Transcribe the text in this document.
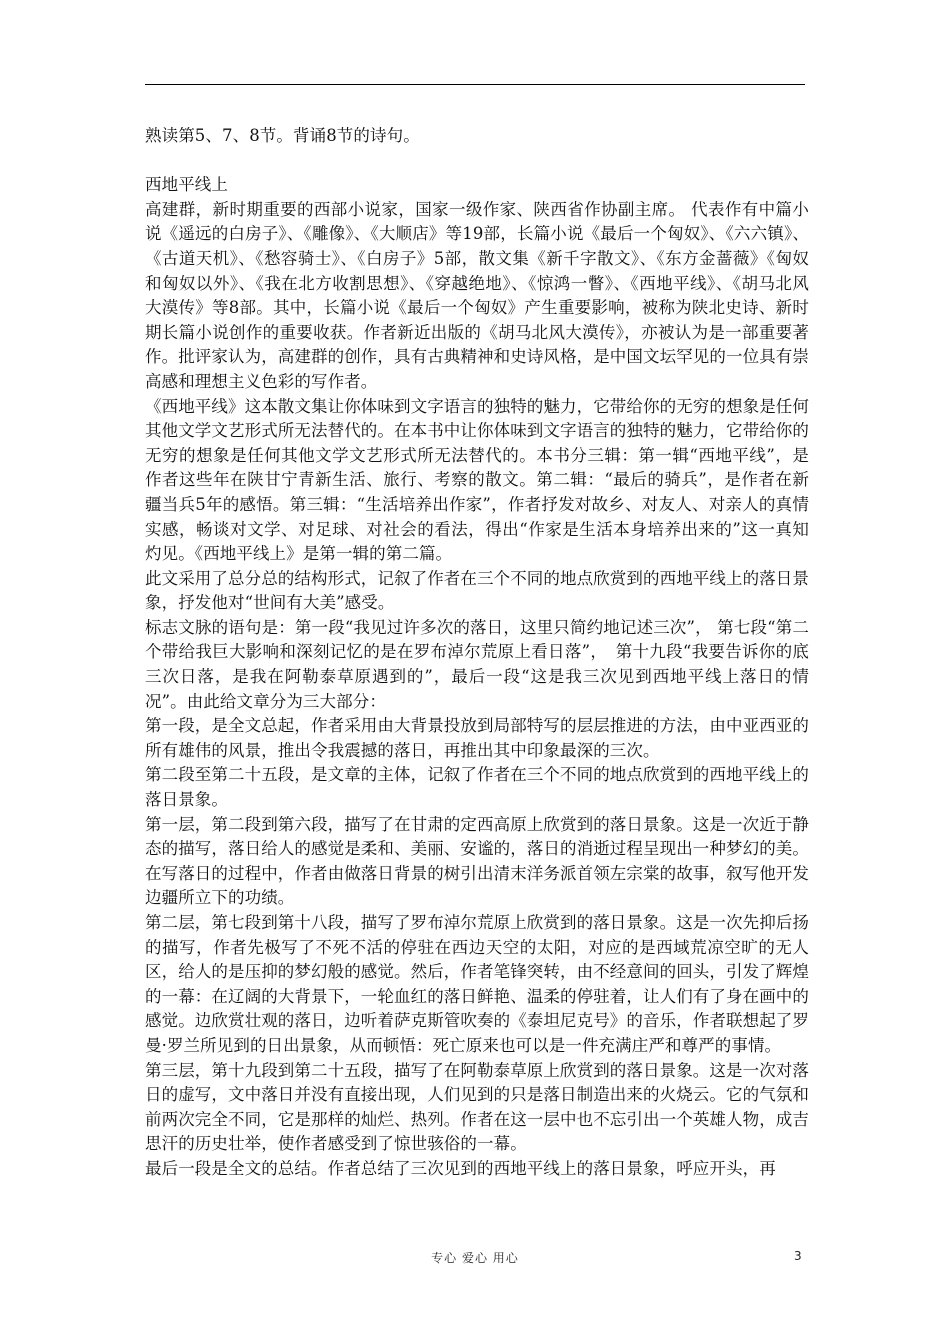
熟读第5、7、8节。背诵8节的诗句。

西地平线上

高建群，新时期重要的西部小说家，国家一级作家、陕西省作协副主席。 代表作有中篇小说《遥远的白房子》、《雕像》、《大顺店》等19部，长篇小说《最后一个匈奴》、《六六镇》、《古道天机》、《愁容骑士》、《白房子》5部，散文集《新千字散文》、《东方金蔷薇》《匈奴和匈奴以外》、《我在北方收割思想》、《穿越绝地》、《惊鸿一瞥》、《西地平线》、《胡马北风大漠传》等8部。其中，长篇小说《最后一个匈奴》产生重要影响，被称为陕北史诗、新时期长篇小说创作的重要收获。作者新近出版的《胡马北风大漠传》，亦被认为是一部重要著作。批评家认为，高建群的创作，具有古典精神和史诗风格，是中国文坛罕见的一位具有崇高感和理想主义色彩的写作者。

《西地平线》这本散文集让你体味到文字语言的独特的魅力，它带给你的无穷的想象是任何其他文学文艺形式所无法替代的。在本书中让你体味到文字语言的独特的魅力，它带给你的无穷的想象是任何其他文学文艺形式所无法替代的。本书分三辑：第一辑“西地平线”，是作者这些年在陕甘宁青新生活、旅行、考察的散文。第二辑：“最后的骑兵”，是作者在新疆当兵5年的感悟。第三辑：“生活培养出作家”，作者抒发对故乡、对友人、对亲人的真情实感，畅谈对文学、对足球、对社会的看法，得出“作家是生活本身培养出来的”这一真知灼见。《西地平线上》是第一辑的第二篇。

此文采用了总分总的结构形式，记叙了作者在三个不同的地点欣赏到的西地平线上的落日景象，抒发他对“世间有大美”感受。

标志文脉的语句是：第一段“我见过许多次的落日，这里只简约地记述三次”， 第七段“第二个带给我巨大影响和深刻记忆的是在罗布淖尔荒原上看日落”，　第十九段“我要告诉你的底三次日落，是我在阿勒泰草原遇到的”，最后一段“这是我三次见到西地平线上落日的情况”。由此给文章分为三大部分：

第一段，是全文总起，作者采用由大背景投放到局部特写的层层推进的方法，由中亚西亚的所有雄伟的风景，推出令我震撼的落日，再推出其中印象最深的三次。

第二段至第二十五段，是文章的主体，记叙了作者在三个不同的地点欣赏到的西地平线上的落日景象。

第一层，第二段到第六段，描写了在甘肃的定西高原上欣赏到的落日景象。这是一次近于静态的描写，落日给人的感觉是柔和、美丽、安谧的，落日的消逝过程呈现出一种梦幻的美。在写落日的过程中，作者由做落日背景的树引出清末洋务派首领左宗棠的故事，叙写他开发边疆所立下的功绩。

第二层，第七段到第十八段，描写了罗布淖尔荒原上欣赏到的落日景象。这是一次先抑后扬的描写，作者先极写了不死不活的停驻在西边天空的太阳，对应的是西域荒凉空旷的无人区，给人的是压抑的梦幻般的感觉。然后，作者笔锋突转，由不经意间的回头，引发了辉煌的一幕：在辽阔的大背景下，一轮血红的落日鲜艳、温柔的停驻着，让人们有了身在画中的感觉。边欣赏壮观的落日，边听着萨克斯管吹奏的《泰坦尼克号》的音乐，作者联想起了罗曼·罗兰所见到的日出景象，从而顿悟：死亡原来也可以是一件充满庄严和尊严的事情。

第三层，第十九段到第二十五段，描写了在阿勒泰草原上欣赏到的落日景象。这是一次对落日的虚写，文中落日并没有直接出现，人们见到的只是落日制造出来的火烧云。它的气氛和前两次完全不同，它是那样的灿烂、热列。作者在这一层中也不忘引出一个英雄人物，成吉思汗的历史壮举，使作者感受到了惊世骇俗的一幕。

最后一段是全文的总结。作者总结了三次见到的西地平线上的落日景象，呼应开头，再

专心 爱心 用心	3
